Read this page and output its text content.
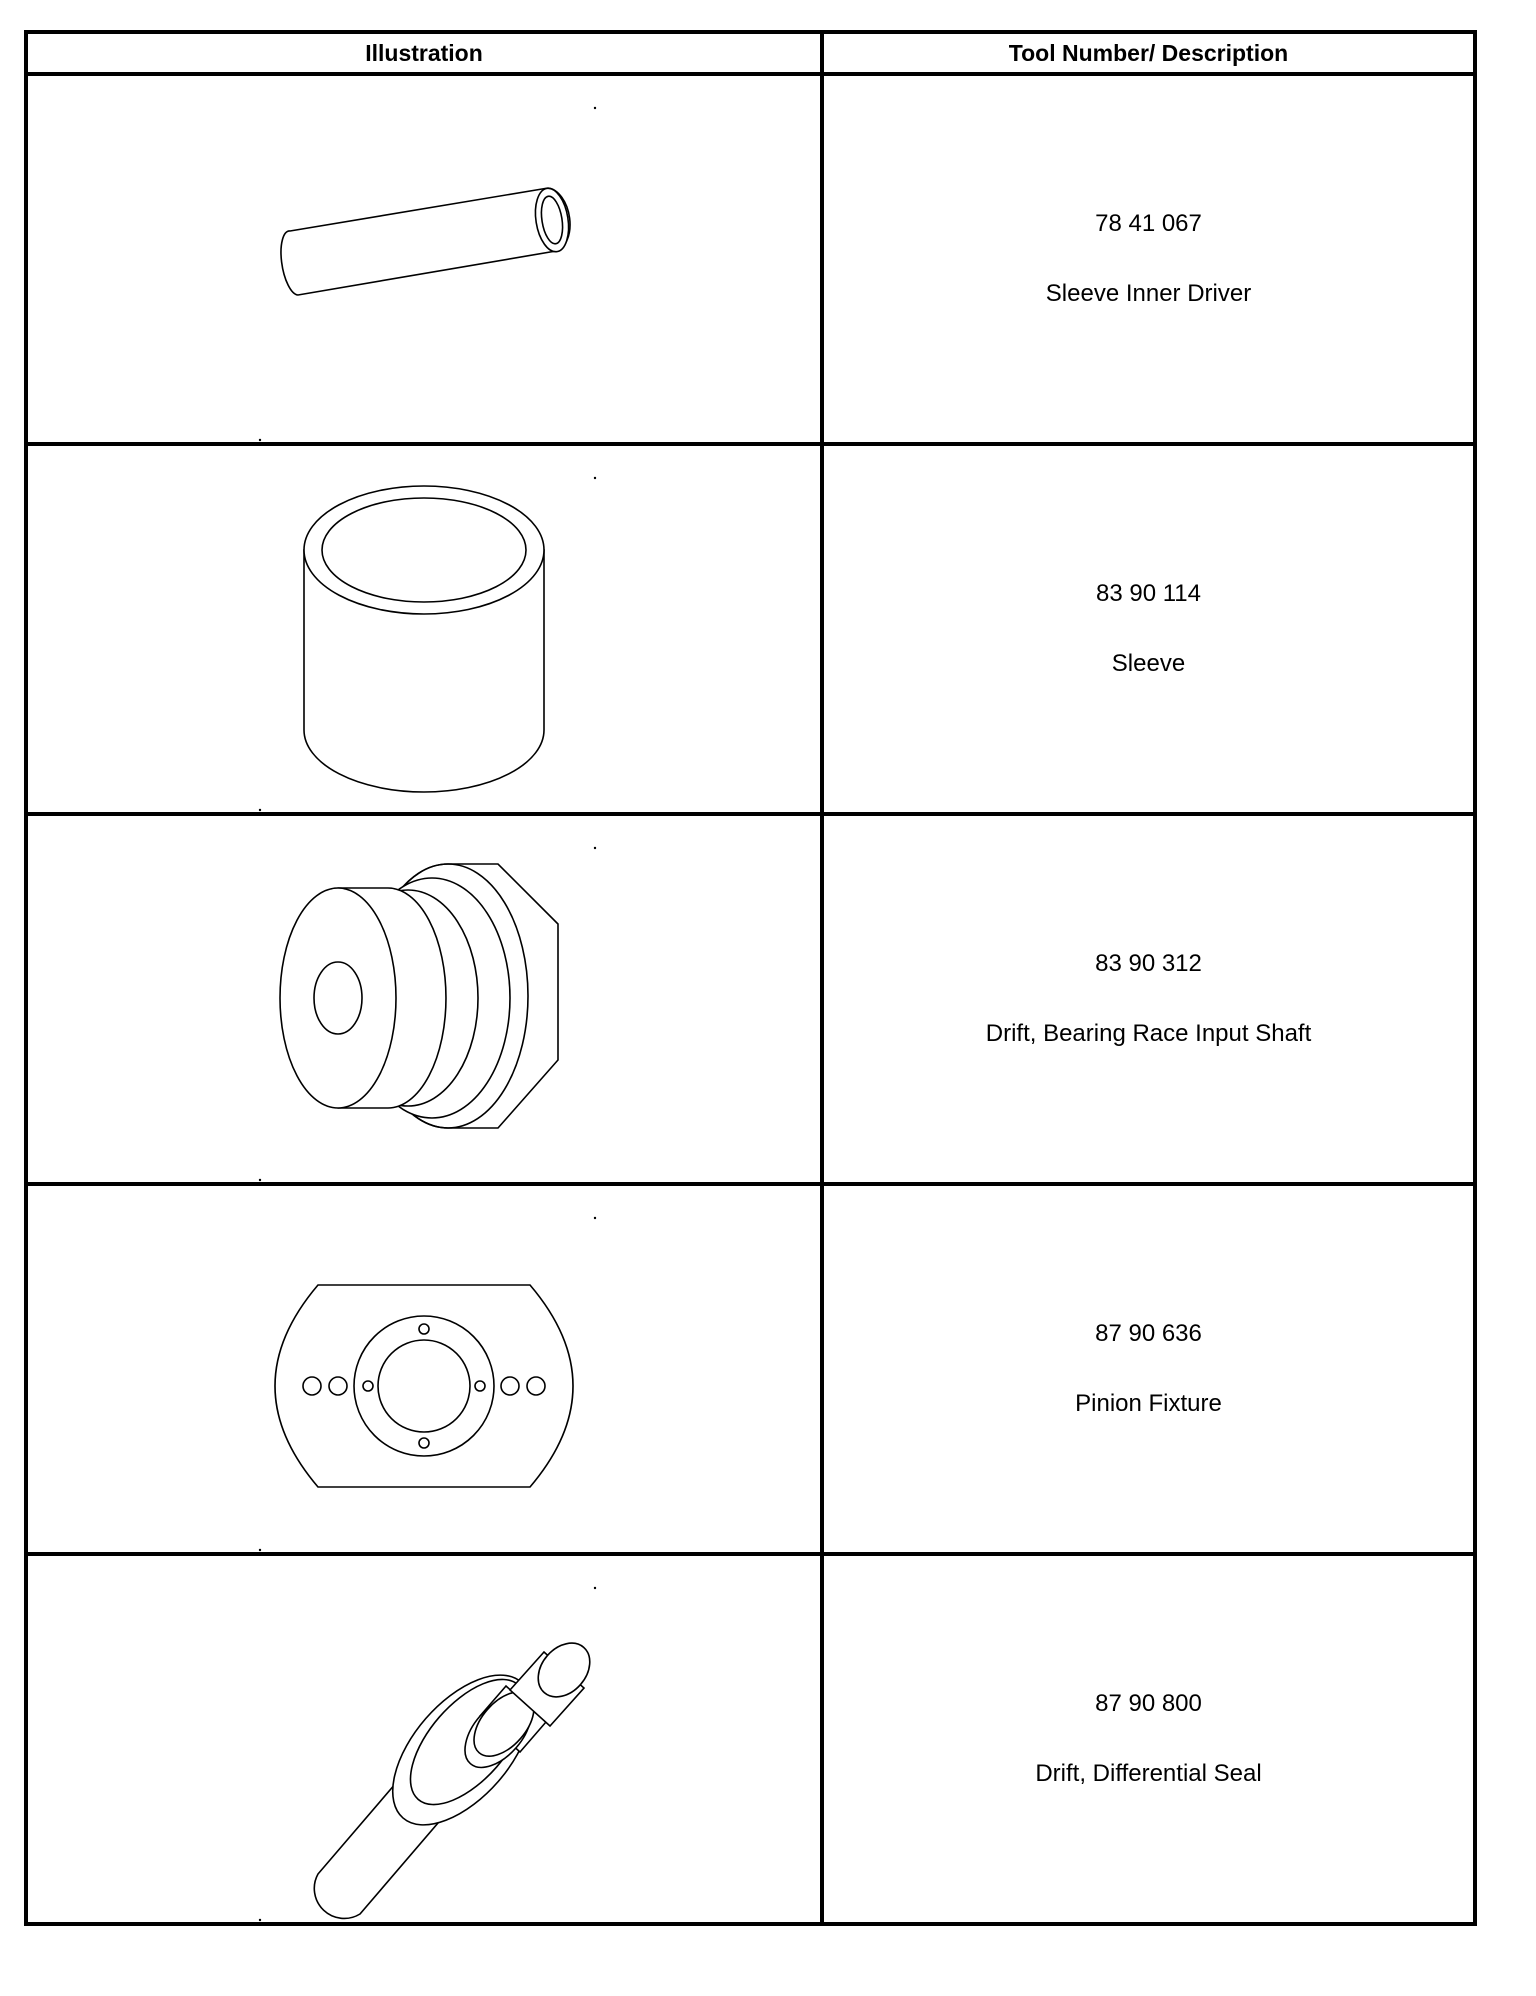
Illustration	Tool Number/ Description

78 41 067
Sleeve Inner Driver

83 90 114
Sleeve

83 90 312
Drift, Bearing Race Input Shaft

87 90 636
Pinion Fixture

87 90 800
Drift, Differential Seal
